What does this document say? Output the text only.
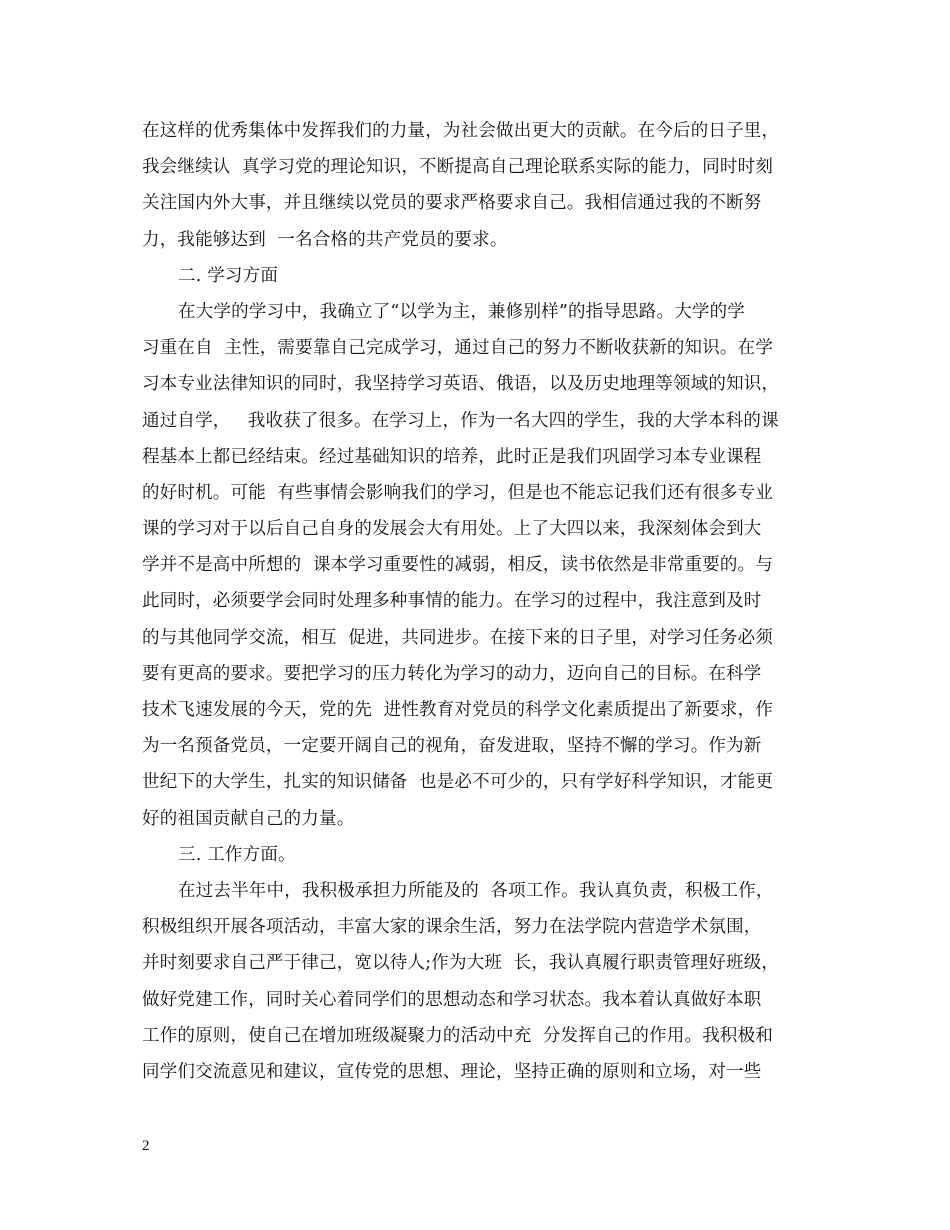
在这样的优秀集体中发挥我们的力量，为社会做出更大的贡献。在今后的日子里，
我会继续认  真学习党的理论知识，不断提高自己理论联系实际的能力，同时时刻
关注国内外大事，并且继续以党员的要求严格要求自己。我相信通过我的不断努
力，我能够达到  一名合格的共产党员的要求。
二. 学习方面
在大学的学习中，我确立了“以学为主，兼修别样”的指导思路。大学的学
习重在自  主性，需要靠自己完成学习，通过自己的努力不断收获新的知识。在学
习本专业法律知识的同时，我坚持学习英语、俄语，以及历史地理等领域的知识，
通过自学，   我收获了很多。在学习上，作为一名大四的学生，我的大学本科的课
程基本上都已经结束。经过基础知识的培养，此时正是我们巩固学习本专业课程
的好时机。可能  有些事情会影响我们的学习，但是也不能忘记我们还有很多专业
课的学习对于以后自己自身的发展会大有用处。上了大四以来，我深刻体会到大
学并不是高中所想的  课本学习重要性的减弱，相反，读书依然是非常重要的。与
此同时，必须要学会同时处理多种事情的能力。在学习的过程中，我注意到及时
的与其他同学交流，相互  促进，共同进步。在接下来的日子里，对学习任务必须
要有更高的要求。要把学习的压力转化为学习的动力，迈向自己的目标。在科学
技术飞速发展的今天，党的先  进性教育对党员的科学文化素质提出了新要求，作
为一名预备党员，一定要开阔自己的视角，奋发进取，坚持不懈的学习。作为新
世纪下的大学生，扎实的知识储备  也是必不可少的，只有学好科学知识，才能更
好的祖国贡献自己的力量。
三. 工作方面。
在过去半年中，我积极承担力所能及的  各项工作。我认真负责，积极工作，
积极组织开展各项活动，丰富大家的课余生活，努力在法学院内营造学术氛围，
并时刻要求自己严于律己，宽以待人;作为大班  长，我认真履行职责管理好班级，
做好党建工作，同时关心着同学们的思想动态和学习状态。我本着认真做好本职
工作的原则，使自己在增加班级凝聚力的活动中充  分发挥自己的作用。我积极和
同学们交流意见和建议，宣传党的思想、理论，坚持正确的原则和立场，对一些
2
